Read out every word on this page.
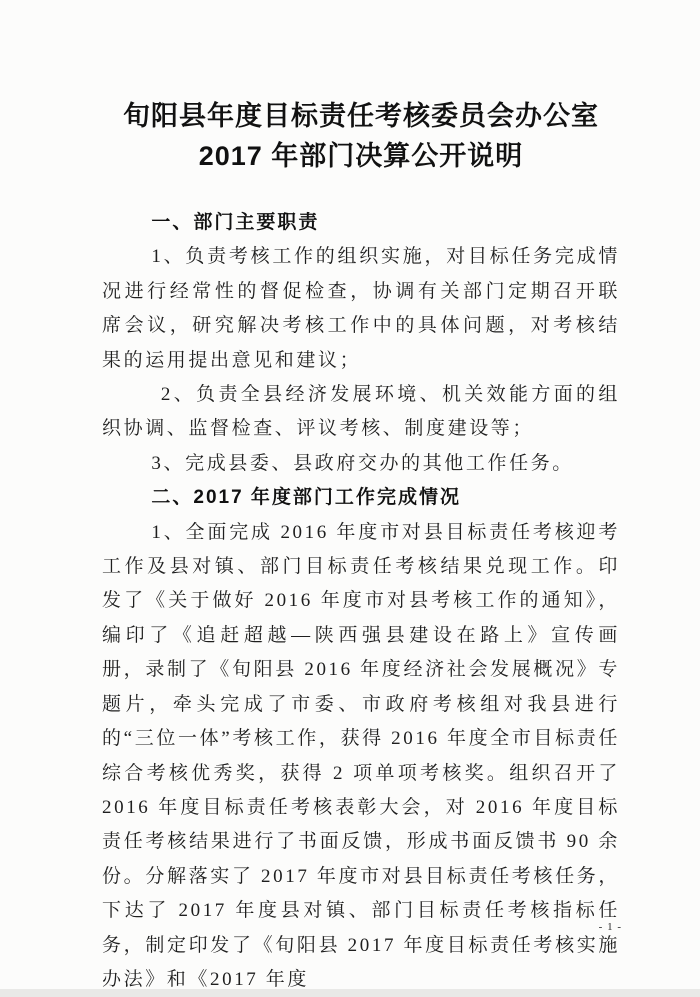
旬阳县年度目标责任考核委员会办公室
2017 年部门决算公开说明
一、部门主要职责

1、负责考核工作的组织实施，对目标任务完成情况进行经常性的督促检查，协调有关部门定期召开联席会议，研究解决考核工作中的具体问题，对考核结果的运用提出意见和建议；

2、负责全县经济发展环境、机关效能方面的组织协调、监督检查、评议考核、制度建设等；

3、完成县委、县政府交办的其他工作任务。

二、2017 年度部门工作完成情况

1、全面完成 2016 年度市对县目标责任考核迎考工作及县对镇、部门目标责任考核结果兑现工作。印发了《关于做好 2016 年度市对县考核工作的通知》，编印了《追赶超越—陕西强县建设在路上》宣传画册，录制了《旬阳县 2016 年度经济社会发展概况》专题片，牵头完成了市委、市政府考核组对我县进行的“三位一体”考核工作，获得 2016 年度全市目标责任综合考核优秀奖，获得 2 项单项考核奖。组织召开了 2016 年度目标责任考核表彰大会，对 2016 年度目标责任考核结果进行了书面反馈，形成书面反馈书 90 余份。分解落实了 2017 年度市对县目标责任考核任务，下达了 2017 年度县对镇、部门目标责任考核指标任务，制定印发了《旬阳县 2017 年度目标责任考核实施办法》和《2017 年度

- 1 -
